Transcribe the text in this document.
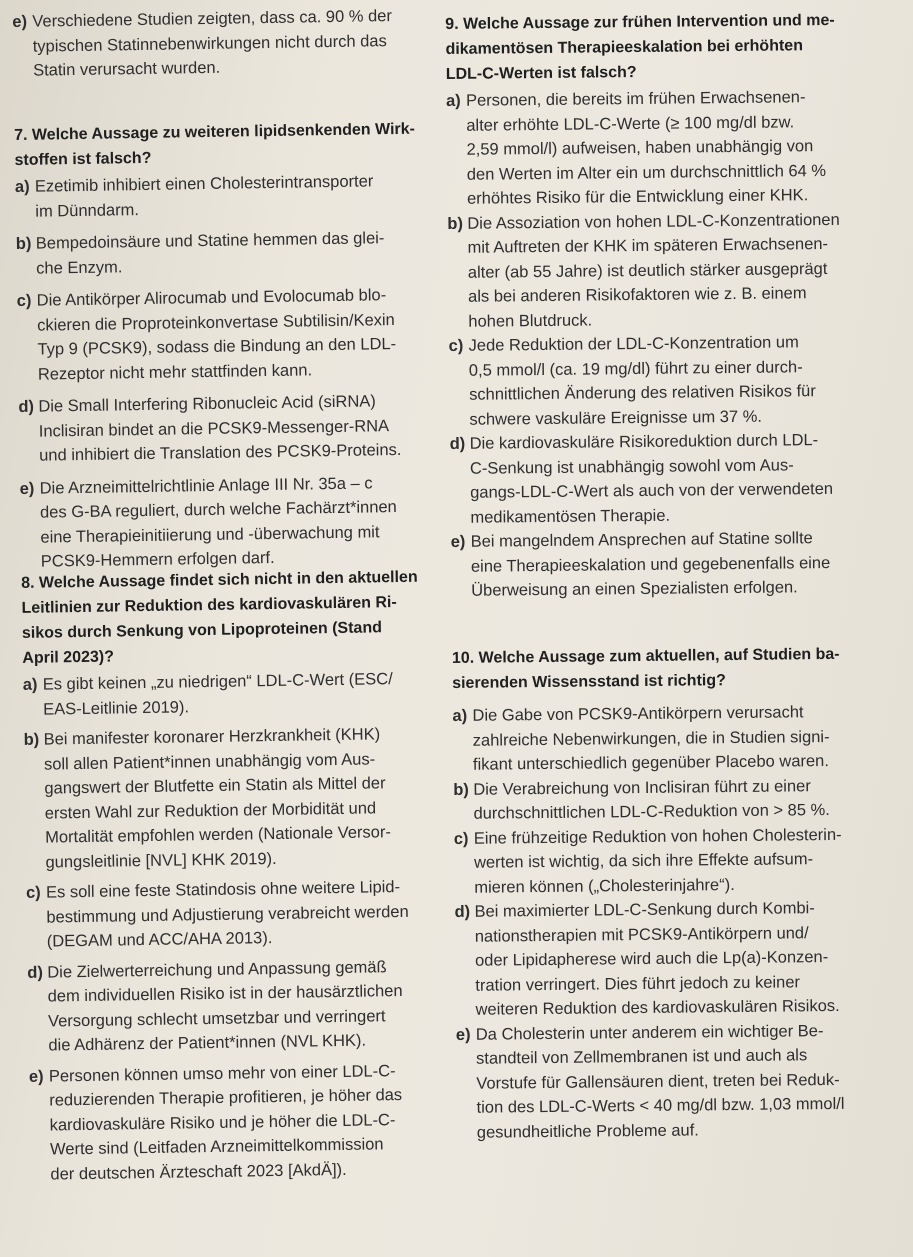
e) Verschiedene Studien zeigten, dass ca. 90 % der

typischen Statinnebenwirkungen nicht durch das

Statin verursacht wurden.

7. Welche Aussage zu weiteren lipidsenkenden Wirk-

stoffen ist falsch?

a) Ezetimib inhibiert einen Cholesterintransporter

im Dünndarm.

b) Bempedoinsäure und Statine hemmen das glei-

che Enzym.

c) Die Antikörper Alirocumab und Evolocumab blo-

ckieren die Proproteinkonvertase Subtilisin/Kexin

Typ 9 (PCSK9), sodass die Bindung an den LDL-

Rezeptor nicht mehr stattfinden kann.

d) Die Small Interfering Ribonucleic Acid (siRNA)

Inclisiran bindet an die PCSK9-Messenger-RNA

und inhibiert die Translation des PCSK9-Proteins.

e) Die Arzneimittelrichtlinie Anlage III Nr. 35a – c

des G-BA reguliert, durch welche Fachärzt*innen

eine Therapieinitiierung und -überwachung mit

PCSK9-Hemmern erfolgen darf.

8. Welche Aussage findet sich nicht in den aktuellen

Leitlinien zur Reduktion des kardiovaskulären Ri-

sikos durch Senkung von Lipoproteinen (Stand

April 2023)?

a) Es gibt keinen „zu niedrigen“ LDL-C-Wert (ESC/

EAS-Leitlinie 2019).

b) Bei manifester koronarer Herzkrankheit (KHK)

soll allen Patient*innen unabhängig vom Aus-

gangswert der Blutfette ein Statin als Mittel der

ersten Wahl zur Reduktion der Morbidität und

Mortalität empfohlen werden (Nationale Versor-

gungsleitlinie [NVL] KHK 2019).

c) Es soll eine feste Statindosis ohne weitere Lipid-

bestimmung und Adjustierung verabreicht werden

(DEGAM und ACC/AHA 2013).

d) Die Zielwerterreichung und Anpassung gemäß

dem individuellen Risiko ist in der hausärztlichen

Versorgung schlecht umsetzbar und verringert

die Adhärenz der Patient*innen (NVL KHK).

e) Personen können umso mehr von einer LDL-C-

reduzierenden Therapie profitieren, je höher das

kardiovaskuläre Risiko und je höher die LDL-C-

Werte sind (Leitfaden Arzneimittelkommission

der deutschen Ärzteschaft 2023 [AkdÄ]).

9. Welche Aussage zur frühen Intervention und me-

dikamentösen Therapieeskalation bei erhöhten

LDL-C-Werten ist falsch?

a) Personen, die bereits im frühen Erwachsenen-

alter erhöhte LDL-C-Werte (≥ 100 mg/dl bzw.

2,59 mmol/l) aufweisen, haben unabhängig von

den Werten im Alter ein um durchschnittlich 64 %

erhöhtes Risiko für die Entwicklung einer KHK.

b) Die Assoziation von hohen LDL-C-Konzentrationen

mit Auftreten der KHK im späteren Erwachsenen-

alter (ab 55 Jahre) ist deutlich stärker ausgeprägt

als bei anderen Risikofaktoren wie z. B. einem

hohen Blutdruck.

c) Jede Reduktion der LDL-C-Konzentration um

0,5 mmol/l (ca. 19 mg/dl) führt zu einer durch-

schnittlichen Änderung des relativen Risikos für

schwere vaskuläre Ereignisse um 37 %.

d) Die kardiovaskuläre Risikoreduktion durch LDL-

C-Senkung ist unabhängig sowohl vom Aus-

gangs-LDL-C-Wert als auch von der verwendeten

medikamentösen Therapie.

e) Bei mangelndem Ansprechen auf Statine sollte

eine Therapieeskalation und gegebenenfalls eine

Überweisung an einen Spezialisten erfolgen.

10. Welche Aussage zum aktuellen, auf Studien ba-

sierenden Wissensstand ist richtig?

a) Die Gabe von PCSK9-Antikörpern verursacht

zahlreiche Nebenwirkungen, die in Studien signi-

fikant unterschiedlich gegenüber Placebo waren.

b) Die Verabreichung von Inclisiran führt zu einer

durchschnittlichen LDL-C-Reduktion von > 85 %.

c) Eine frühzeitige Reduktion von hohen Cholesterin-

werten ist wichtig, da sich ihre Effekte aufsum-

mieren können („Cholesterinjahre“).

d) Bei maximierter LDL-C-Senkung durch Kombi-

nationstherapien mit PCSK9-Antikörpern und/

oder Lipidapherese wird auch die Lp(a)-Konzen-

tration verringert. Dies führt jedoch zu keiner

weiteren Reduktion des kardiovaskulären Risikos.

e) Da Cholesterin unter anderem ein wichtiger Be-

standteil von Zellmembranen ist und auch als

Vorstufe für Gallensäuren dient, treten bei Reduk-

tion des LDL-C-Werts < 40 mg/dl bzw. 1,03 mmol/l

gesundheitliche Probleme auf.
